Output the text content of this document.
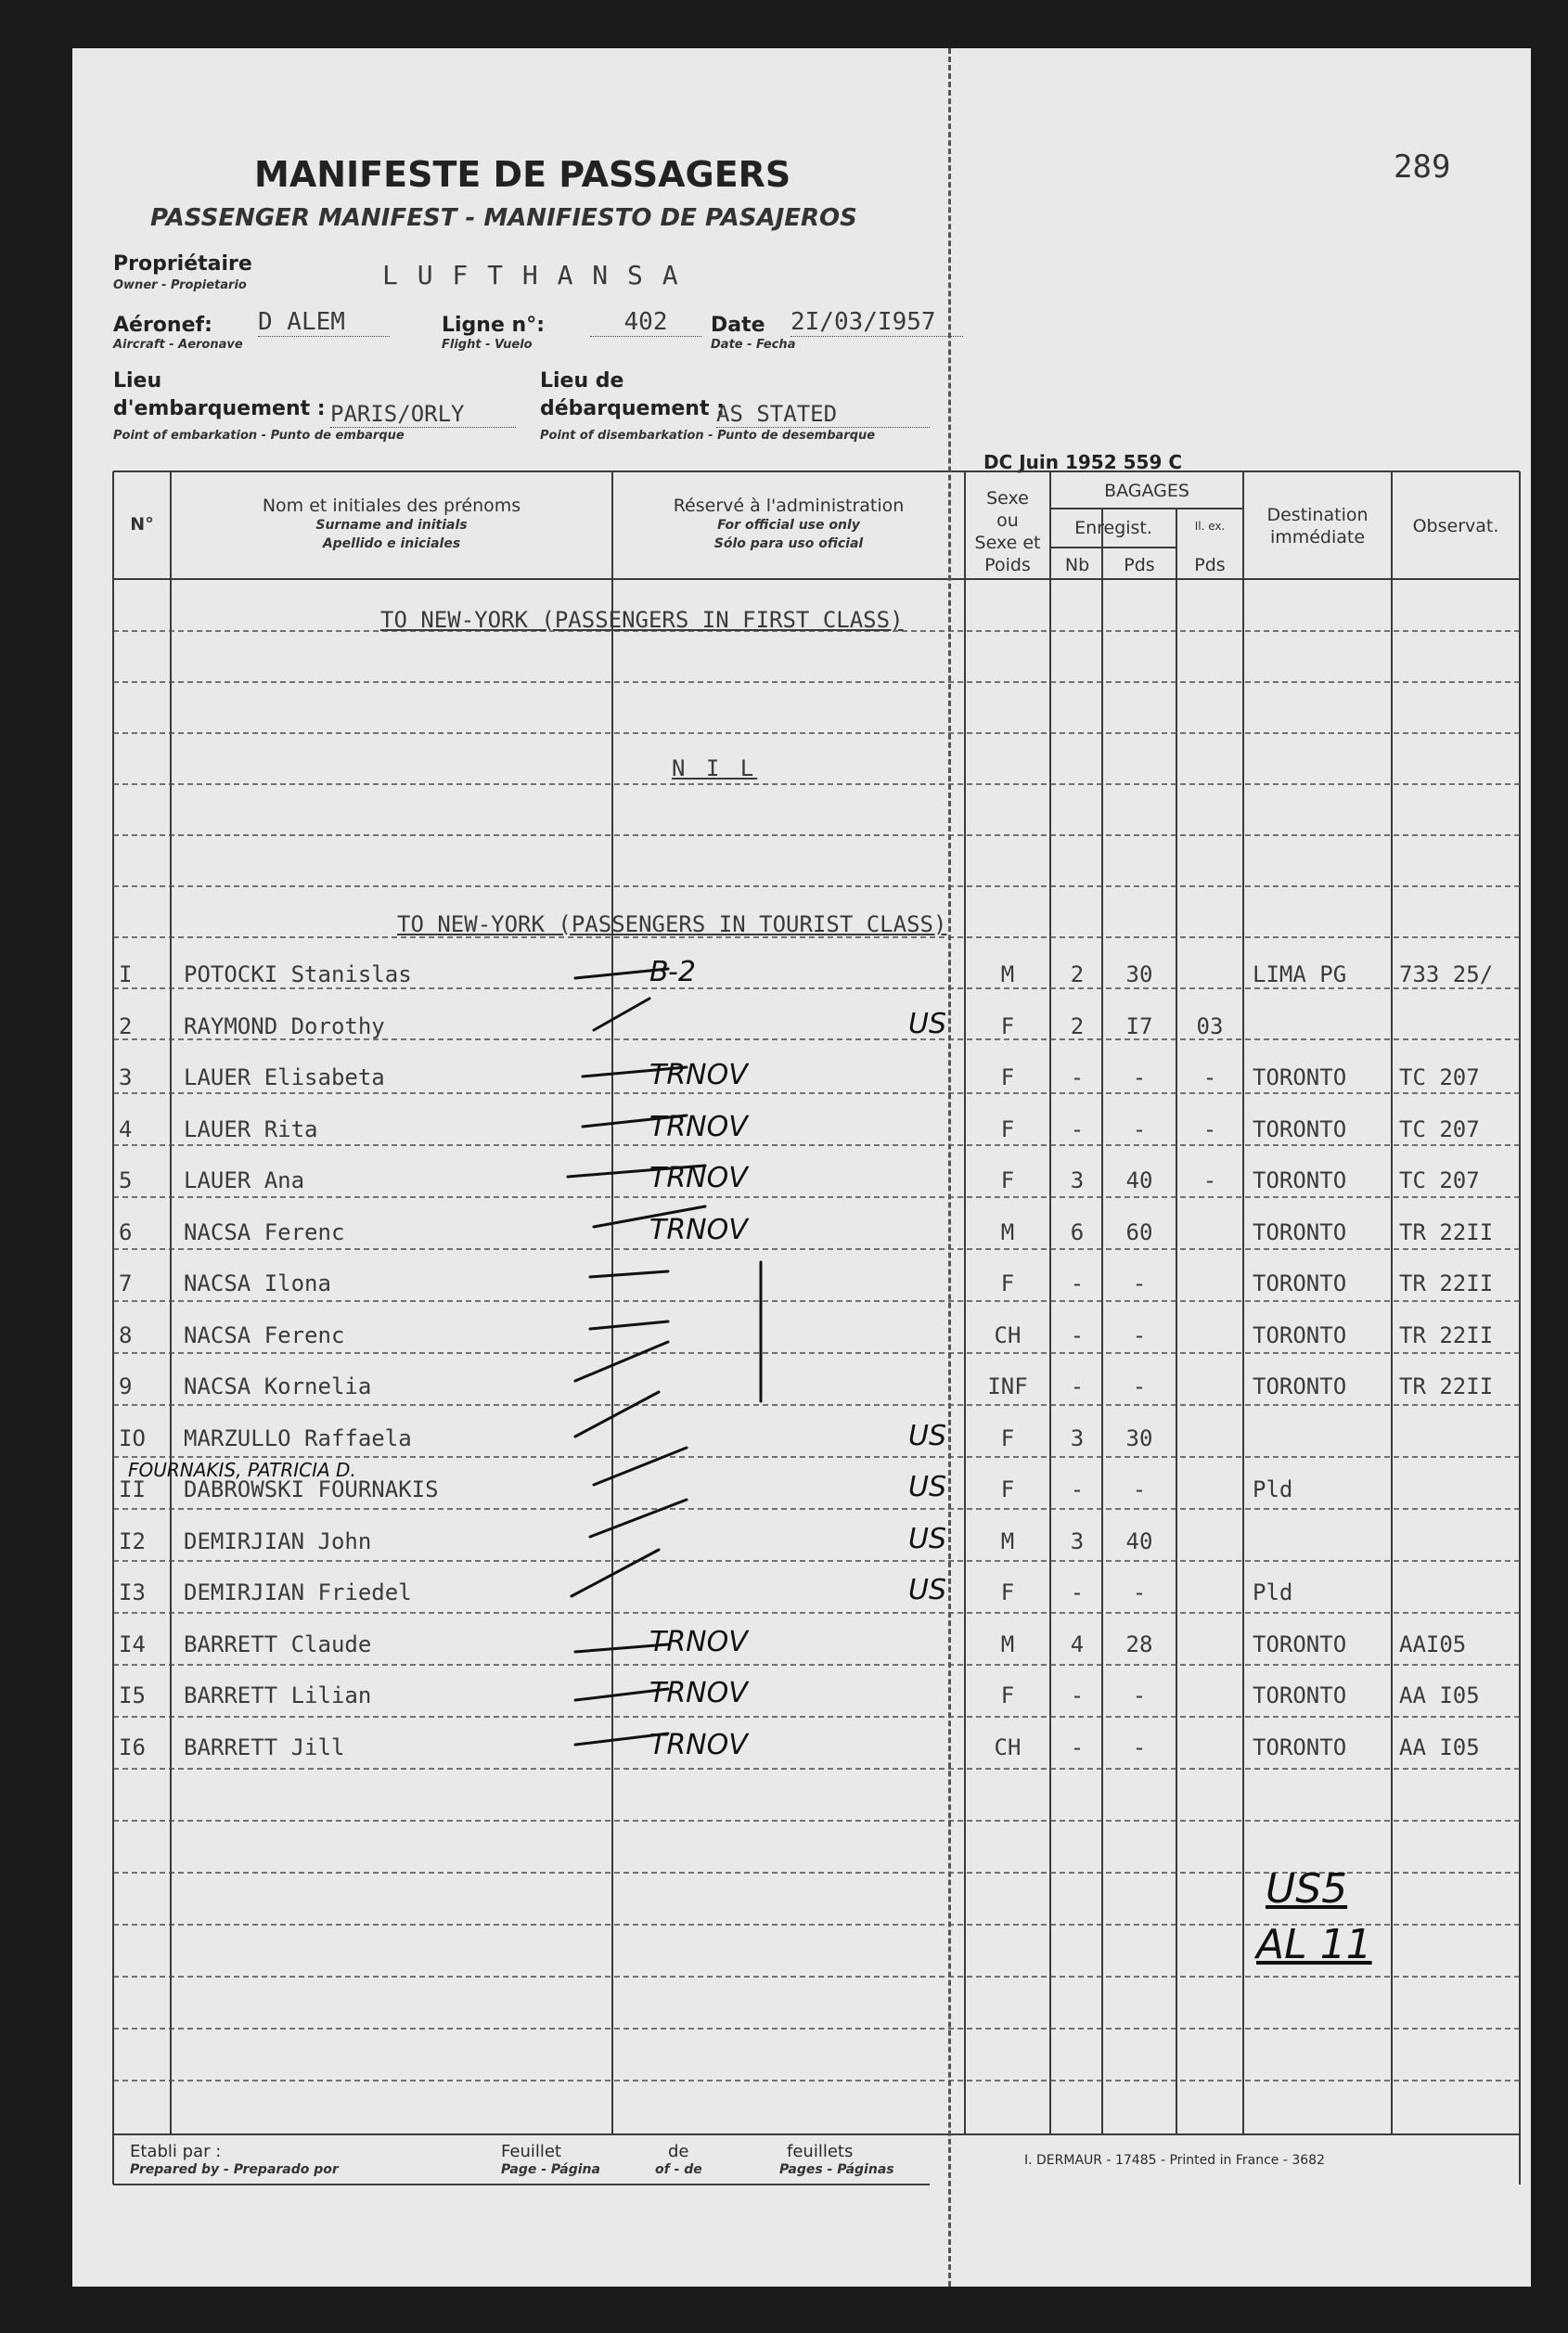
289
MANIFESTE DE PASSAGERS
PASSENGER MANIFEST - MANIFIESTO DE PASAJEROS
Propriétaire
Owner - Propietario	L U F T H A N S A
Aéronef:
Aircraft - Aeronave
D ALEM	Ligne n°:
Flight - Vuelo
402	Date
Date - Fecha
2I/03/I957
Lieu
d'embarquement :
Point of embarkation - Punto de embarque
PARIS/ORLY
Lieu de
débarquement :
Point of disembarkation - Punto de desembarque
AS STATED
DC Juin 1952 559 C
N°
Nom et initiales des prénoms
Surname and initials
Apellido e iniciales
Réservé à l'administration
For official use only
Sólo para uso oficial
Sexe
ou
Sexe et
Poids
BAGAGES
Enregist.
Nb	Pds
Il. ex.
Pds
Destination
immédiate
Observat.
TO NEW-YORK (PASSENGERS IN FIRST CLASS)
N I L
TO NEW-YORK (PASSENGERS IN TOURIST CLASS)
I	POTOCKI Stanislas	B-2	M	2	30	LIMA PG	733 25/
2	RAYMOND Dorothy	US	F	2	I7	03
3	LAUER Elisabeta	TRNOV	F	-	-	-	TORONTO	TC 207
4	LAUER Rita	TRNOV	F	-	-	-	TORONTO	TC 207
5	LAUER Ana	TRNOV	F	3	40	-	TORONTO	TC 207
6	NACSA Ferenc	TRNOV	M	6	60	TORONTO	TR 22II
7	NACSA Ilona	F	-	-	TORONTO	TR 22II
8	NACSA Ferenc	CH	-	-	TORONTO	TR 22II
9	NACSA Kornelia	INF	-	-	TORONTO	TR 22II
IO	MARZULLO Raffaela	US	F	3	30
II	DABROWSKI FOURNAKIS	US	F	-	-	Pld
I2	DEMIRJIAN John	US	M	3	40
I3	DEMIRJIAN Friedel	US	F	-	-	Pld
I4	BARRETT Claude	TRNOV	M	4	28	TORONTO	AAI05
I5	BARRETT Lilian	TRNOV	F	-	-	TORONTO	AA I05
I6	BARRETT Jill	TRNOV	CH	-	-	TORONTO	AA I05
FOURNAKIS, PATRICIA D.
US5
AL 11
Etabli par :
Prepared by - Preparado por
Feuillet
Page - Página
de
of - de
feuillets
Pages - Páginas
I. DERMAUR - 17485 - Printed in France - 3682
